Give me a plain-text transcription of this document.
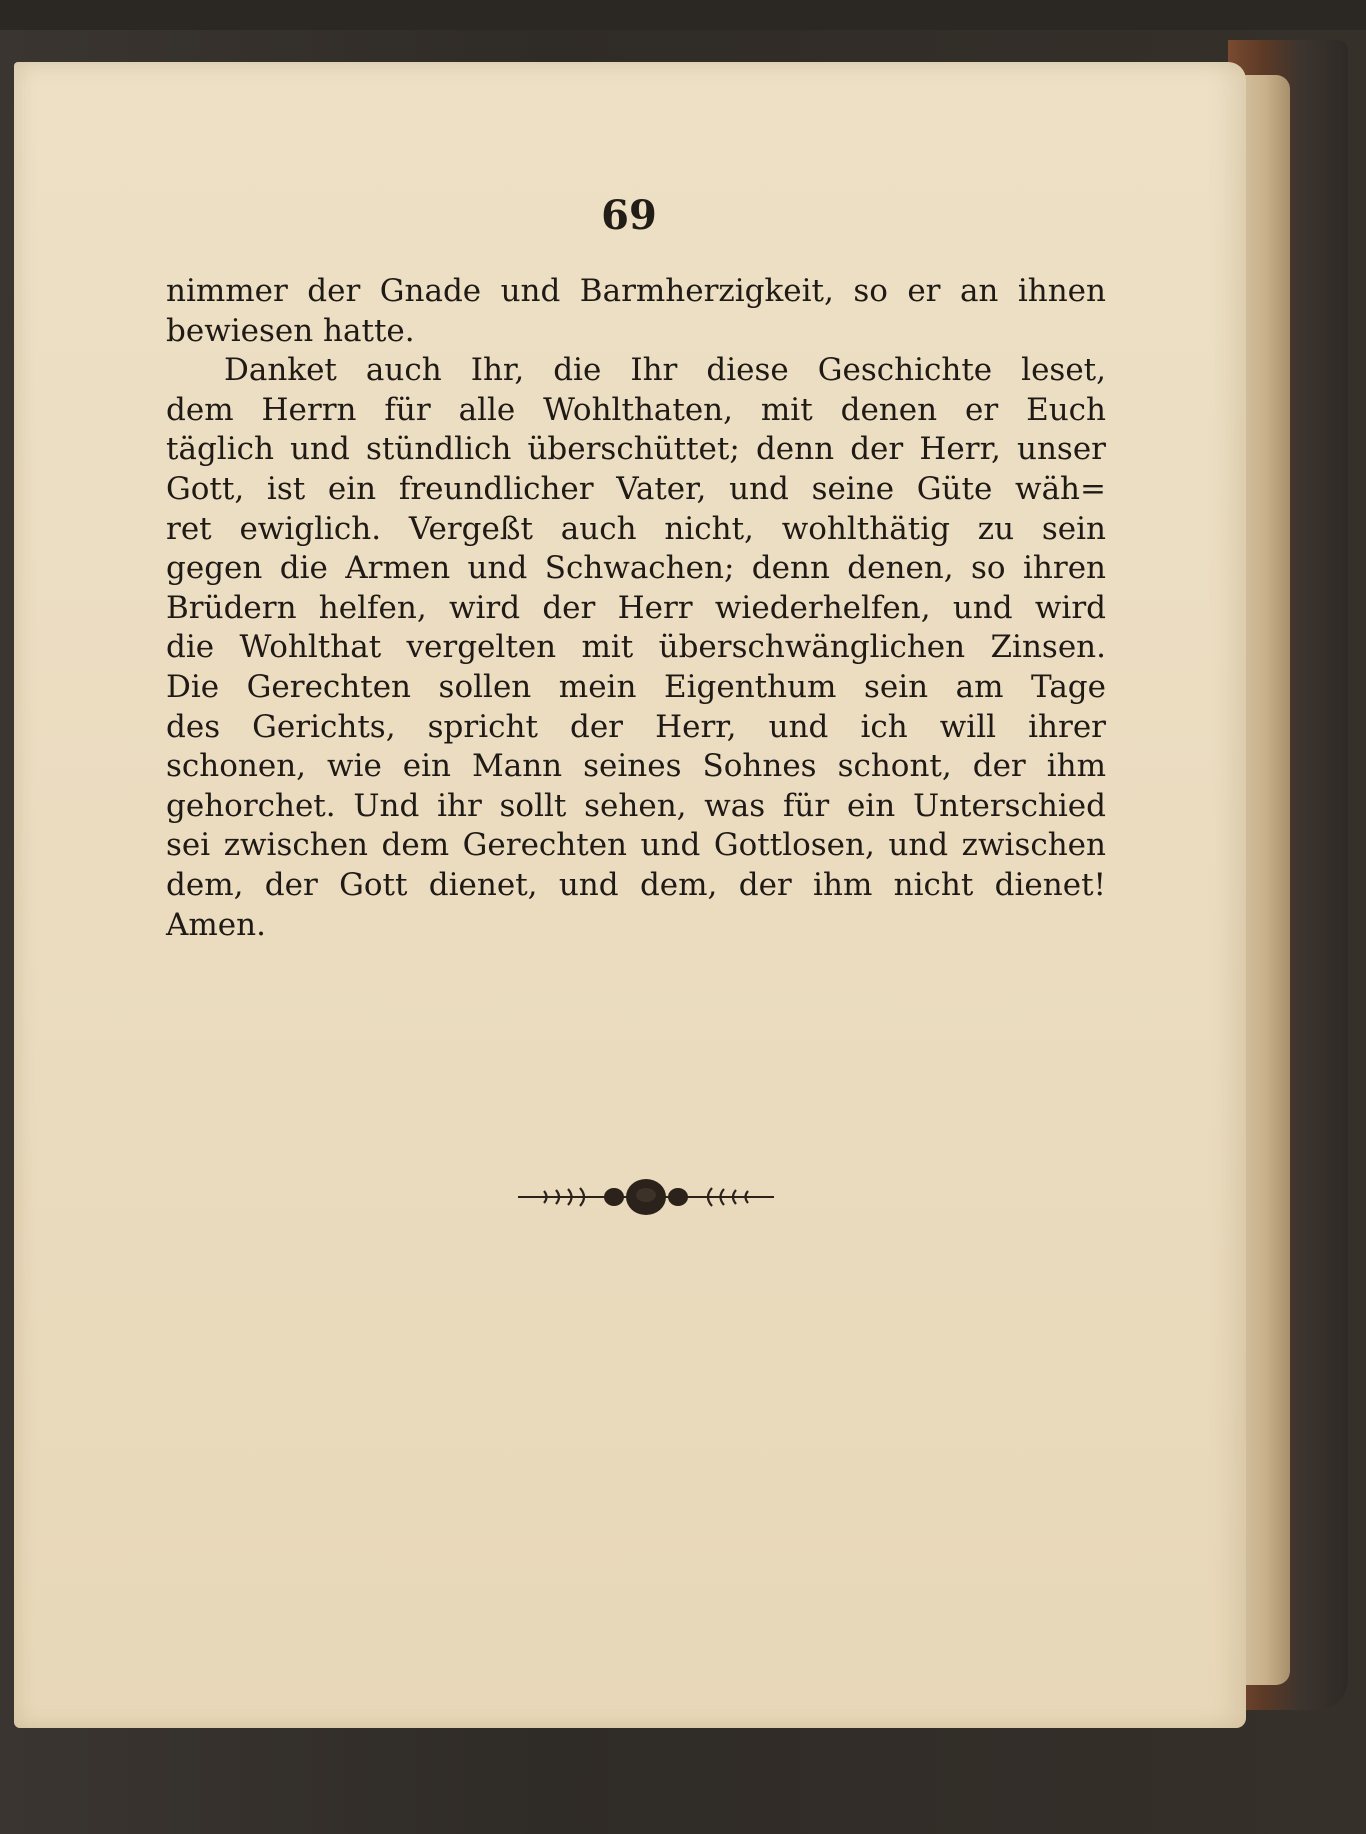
69
nimmer der Gnade und Barmherzigkeit, so er an ihnen
bewiesen hatte.
Danket auch Ihr, die Ihr diese Geschichte leset,
dem Herrn für alle Wohlthaten, mit denen er Euch
täglich und stündlich überschüttet; denn der Herr, unser
Gott, ist ein freundlicher Vater, und seine Güte wäh=
ret ewiglich. Vergeßt auch nicht, wohlthätig zu sein
gegen die Armen und Schwachen; denn denen, so ihren
Brüdern helfen, wird der Herr wiederhelfen, und wird
die Wohlthat vergelten mit überschwänglichen Zinsen.
Die Gerechten sollen mein Eigenthum sein am Tage
des Gerichts, spricht der Herr, und ich will ihrer
schonen, wie ein Mann seines Sohnes schont, der ihm
gehorchet. Und ihr sollt sehen, was für ein Unterschied
sei zwischen dem Gerechten und Gottlosen, und zwischen
dem, der Gott dienet, und dem, der ihm nicht dienet!
Amen.
